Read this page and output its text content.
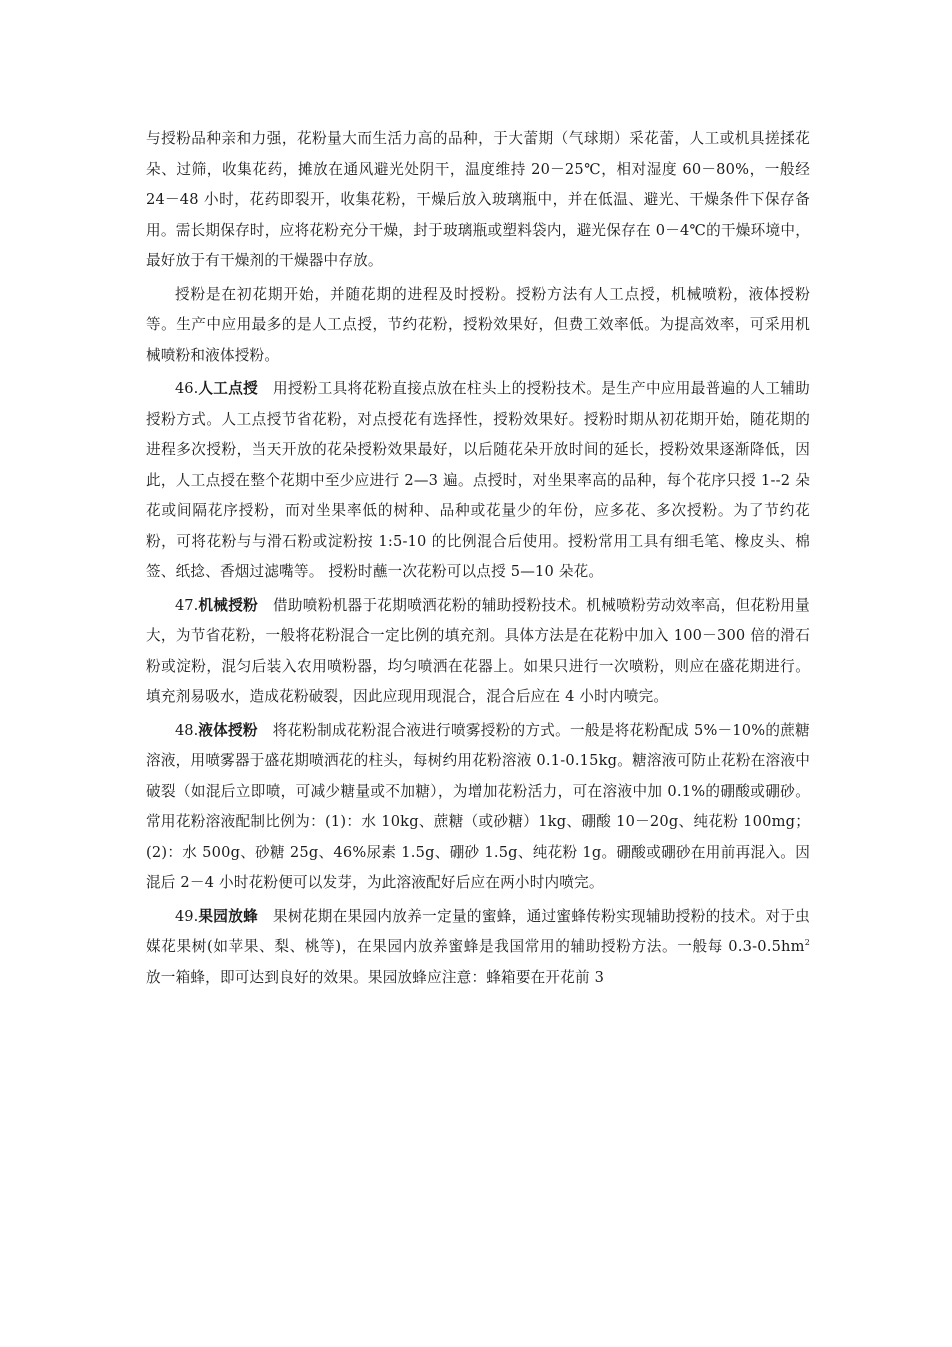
与授粉品种亲和力强，花粉量大而生活力高的品种，于大蕾期（气球期）采花蕾，人工或机具搓揉花朵、过筛，收集花药，摊放在通风避光处阴干，温度维持 20－25℃，相对湿度 60－80%，一般经 24－48 小时，花药即裂开，收集花粉，干燥后放入玻璃瓶中，并在低温、避光、干燥条件下保存备用。需长期保存时，应将花粉充分干燥，封于玻璃瓶或塑料袋内，避光保存在 0－4℃的干燥环境中，最好放于有干燥剂的干燥器中存放。

授粉是在初花期开始，并随花期的进程及时授粉。授粉方法有人工点授，机械喷粉，液体授粉等。生产中应用最多的是人工点授，节约花粉，授粉效果好，但费工效率低。为提高效率，可采用机械喷粉和液体授粉。

46.人工点授 用授粉工具将花粉直接点放在柱头上的授粉技术。是生产中应用最普遍的人工辅助授粉方式。人工点授节省花粉，对点授花有选择性，授粉效果好。授粉时期从初花期开始，随花期的进程多次授粉，当天开放的花朵授粉效果最好，以后随花朵开放时间的延长，授粉效果逐渐降低，因此，人工点授在整个花期中至少应进行 2—3 遍。点授时，对坐果率高的品种，每个花序只授 1--2 朵花或间隔花序授粉，而对坐果率低的树种、品种或花量少的年份，应多花、多次授粉。为了节约花粉，可将花粉与与滑石粉或淀粉按 1:5-10 的比例混合后使用。授粉常用工具有细毛笔、橡皮头、棉签、纸捻、香烟过滤嘴等。 授粉时蘸一次花粉可以点授 5—10 朵花。

47.机械授粉 借助喷粉机器于花期喷洒花粉的辅助授粉技术。机械喷粉劳动效率高，但花粉用量大，为节省花粉，一般将花粉混合一定比例的填充剂。具体方法是在花粉中加入 100－300 倍的滑石粉或淀粉，混匀后装入农用喷粉器，均匀喷洒在花器上。如果只进行一次喷粉，则应在盛花期进行。填充剂易吸水，造成花粉破裂，因此应现用现混合，混合后应在 4 小时内喷完。

48.液体授粉 将花粉制成花粉混合液进行喷雾授粉的方式。一般是将花粉配成 5%－10%的蔗糖溶液，用喷雾器于盛花期喷洒花的柱头，每树约用花粉溶液 0.1-0.15kg。糖溶液可防止花粉在溶液中破裂（如混后立即喷，可减少糖量或不加糖），为增加花粉活力，可在溶液中加 0.1%的硼酸或硼砂。常用花粉溶液配制比例为：(1)：水 10kg、蔗糖（或砂糖）1kg、硼酸 10－20g、纯花粉 100mg；(2)：水 500g、砂糖 25g、46%尿素 1.5g、硼砂 1.5g、纯花粉 1g。硼酸或硼砂在用前再混入。因混后 2－4 小时花粉便可以发芽，为此溶液配好后应在两小时内喷完。

49.果园放蜂 果树花期在果园内放养一定量的蜜蜂，通过蜜蜂传粉实现辅助授粉的技术。对于虫媒花果树(如苹果、梨、桃等)，在果园内放养蜜蜂是我国常用的辅助授粉方法。一般每 $0.3-0.5hm^2$ 放一箱蜂，即可达到良好的效果。果园放蜂应注意：蜂箱要在开花前 3
